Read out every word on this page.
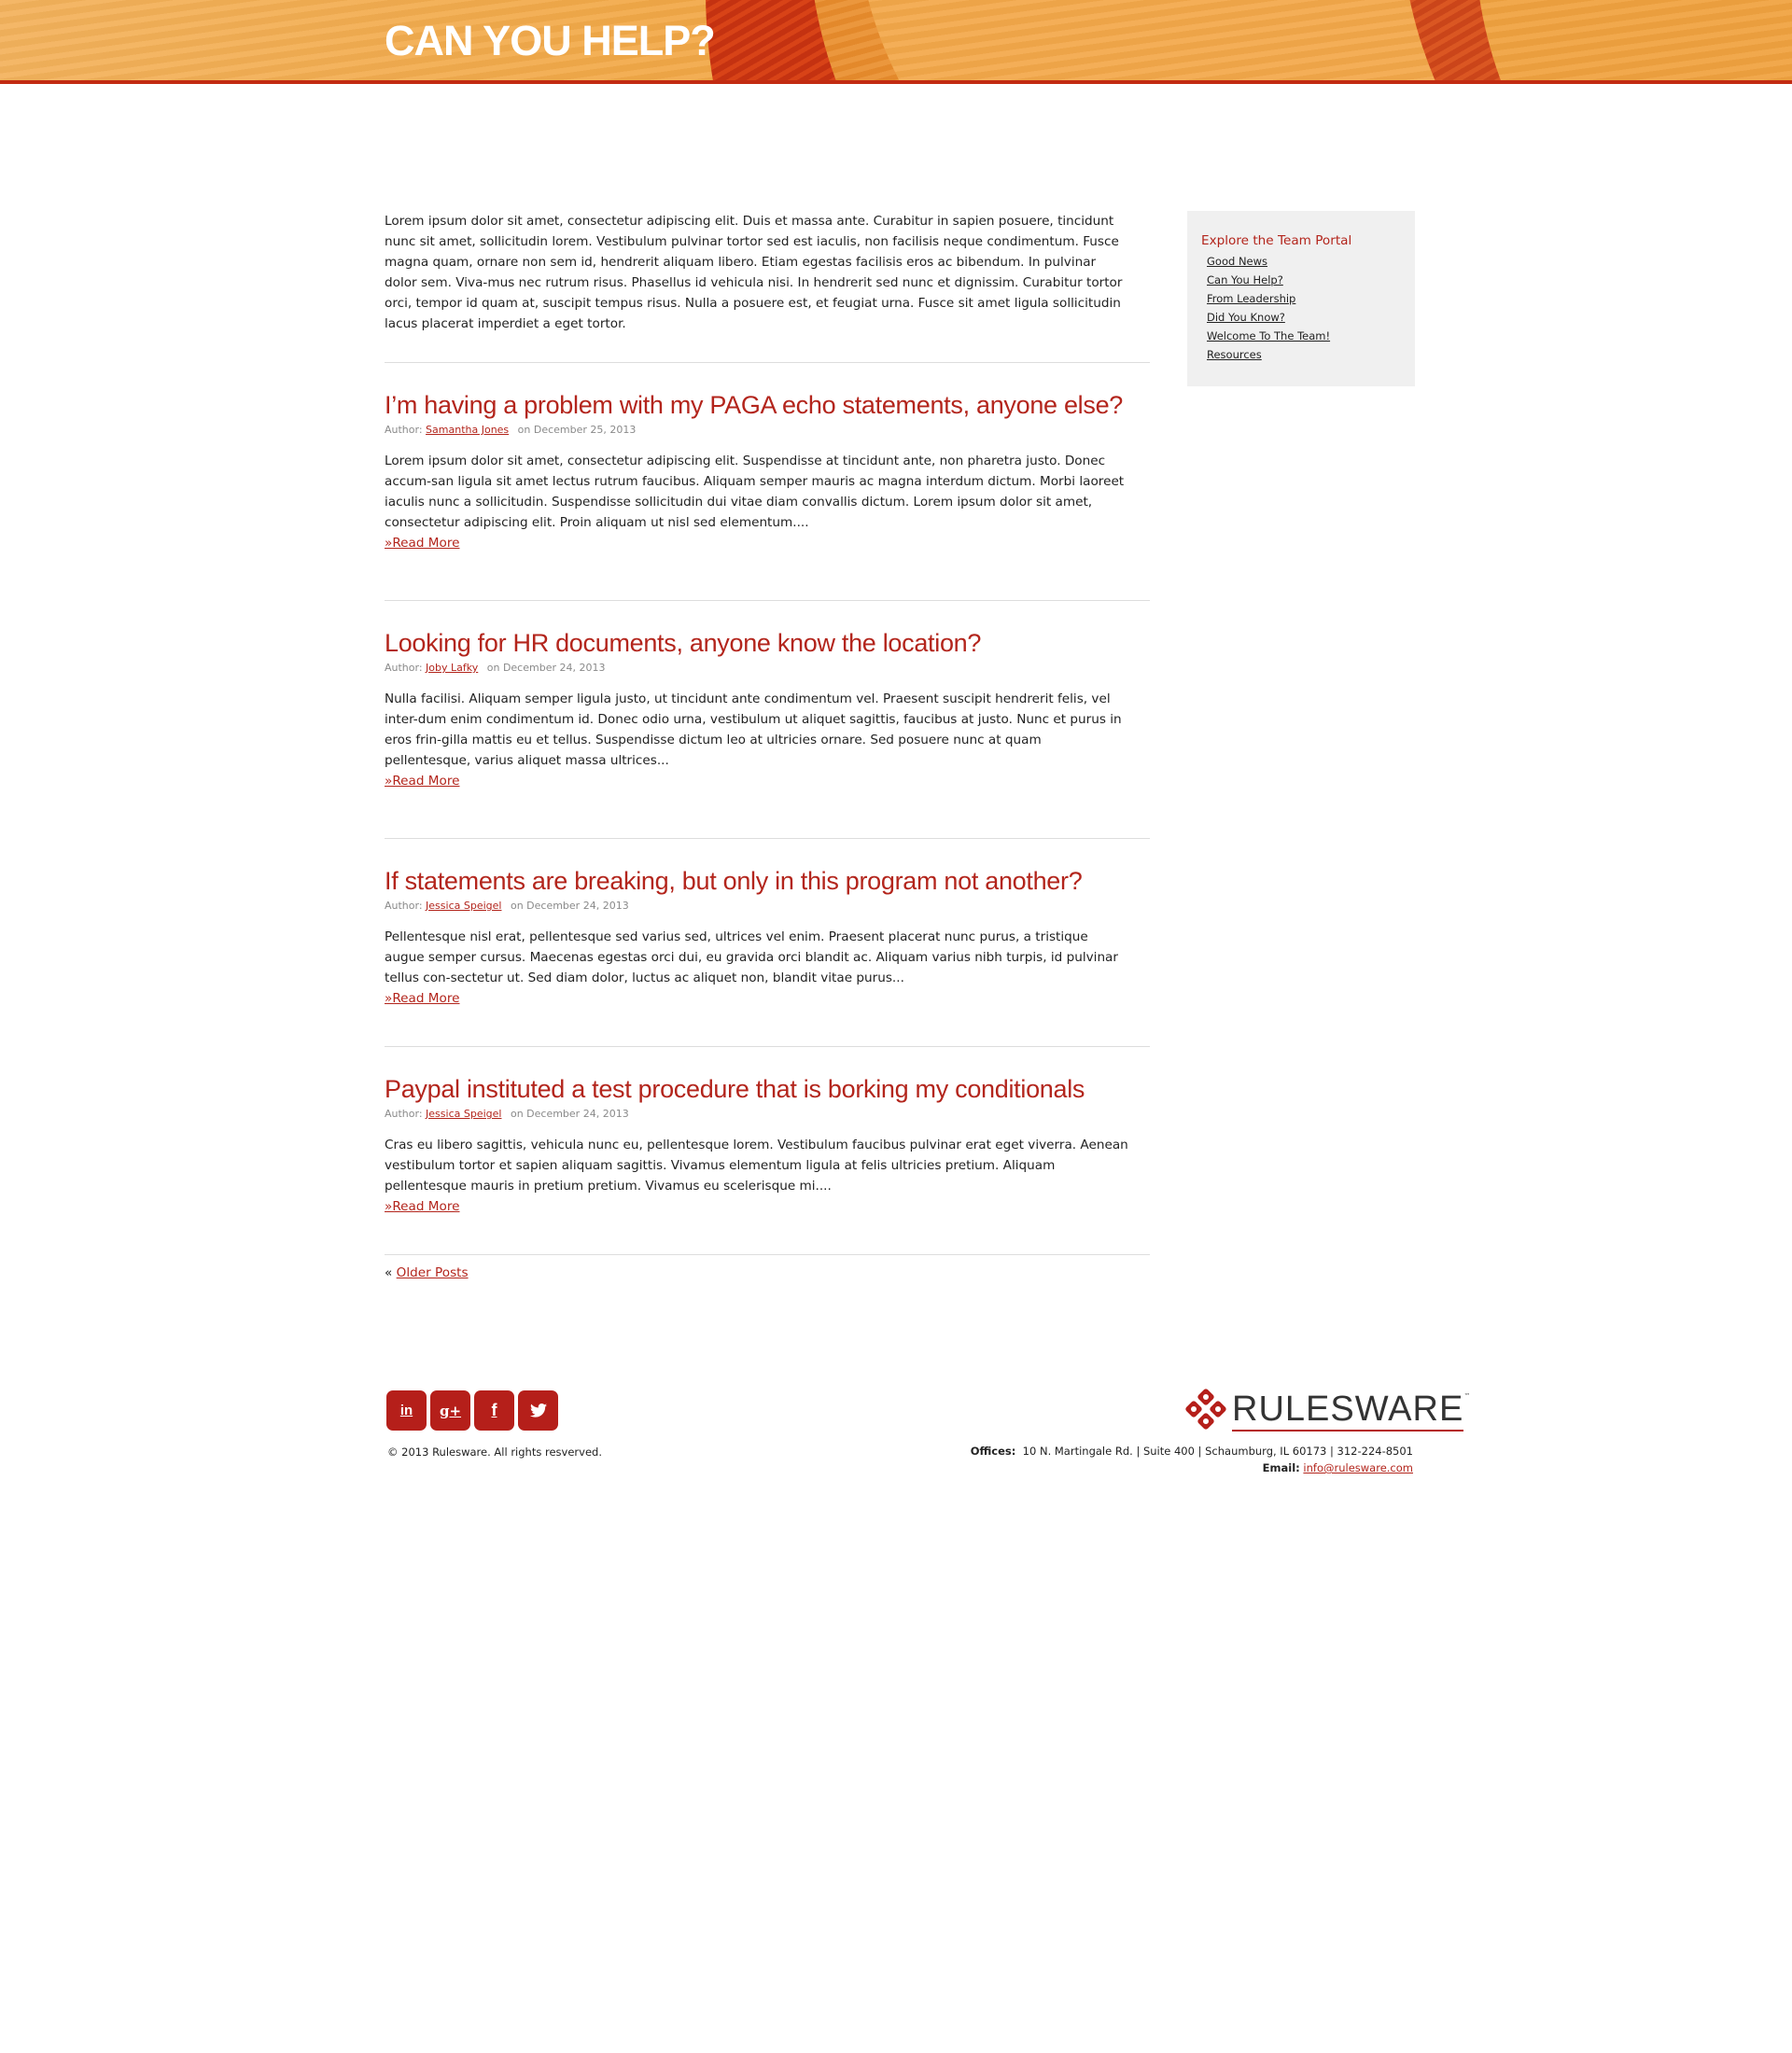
CAN YOU HELP?

Lorem ipsum dolor sit amet, consectetur adipiscing elit. Duis et massa ante. Curabitur in sapien posuere, tincidunt nunc sit amet, sollicitudin lorem. Vestibulum pulvinar tortor sed est iaculis, non facilisis neque condimentum. Fusce magna quam, ornare non sem id, hendrerit aliquam libero. Etiam egestas facilisis eros ac bibendum. In pulvinar dolor sem. Viva-mus nec rutrum risus. Phasellus id vehicula nisi. In hendrerit sed nunc et dignissim. Curabitur tortor orci, tempor id quam at, suscipit tempus risus. Nulla a posuere est, et feugiat urna. Fusce sit amet ligula sollicitudin lacus placerat imperdiet a eget tortor.

I’m having a problem with my PAGA echo statements, anyone else?
Author: Samantha Jones on December 25, 2013

Lorem ipsum dolor sit amet, consectetur adipiscing elit. Suspendisse at tincidunt ante, non pharetra justo. Donec accum-san ligula sit amet lectus rutrum faucibus. Aliquam semper mauris ac magna interdum dictum. Morbi laoreet iaculis nunc a sollicitudin. Suspendisse sollicitudin dui vitae diam convallis dictum. Lorem ipsum dolor sit amet, consectetur adipiscing elit. Proin aliquam ut nisl sed elementum....

»Read More
Looking for HR documents, anyone know the location?
Author: Joby Lafky on December 24, 2013

Nulla facilisi. Aliquam semper ligula justo, ut tincidunt ante condimentum vel. Praesent suscipit hendrerit felis, vel inter-dum enim condimentum id. Donec odio urna, vestibulum ut aliquet sagittis, faucibus at justo. Nunc et purus in eros frin-gilla mattis eu et tellus. Suspendisse dictum leo at ultricies ornare. Sed posuere nunc at quam pellentesque, varius aliquet massa ultrices...

»Read More
If statements are breaking, but only in this program not another?
Author: Jessica Speigel on December 24, 2013

Pellentesque nisl erat, pellentesque sed varius sed, ultrices vel enim. Praesent placerat nunc purus, a tristique augue semper cursus. Maecenas egestas orci dui, eu gravida orci blandit ac. Aliquam varius nibh turpis, id pulvinar tellus con-sectetur ut. Sed diam dolor, luctus ac aliquet non, blandit vitae purus...

»Read More
Paypal instituted a test procedure that is borking my conditionals
Author: Jessica Speigel on December 24, 2013

Cras eu libero sagittis, vehicula nunc eu, pellentesque lorem. Vestibulum faucibus pulvinar erat eget viverra. Aenean vestibulum tortor et sapien aliquam sagittis. Vivamus elementum ligula at felis ultricies pretium. Aliquam pellentesque mauris in pretium pretium. Vivamus eu scelerisque mi....

»Read More
« Older Posts
Explore the Team Portal
Good News
Can You Help?
From Leadership
Did You Know?
Welcome To The Team!
Resources
in g+ f
© 2013 Rulesware. All rights resverved.
RULESWARE ™
Offices: 10 N. Martingale Rd. | Suite 400 | Schaumburg, IL 60173 | 312-224-8501
Email: info@rulesware.com
